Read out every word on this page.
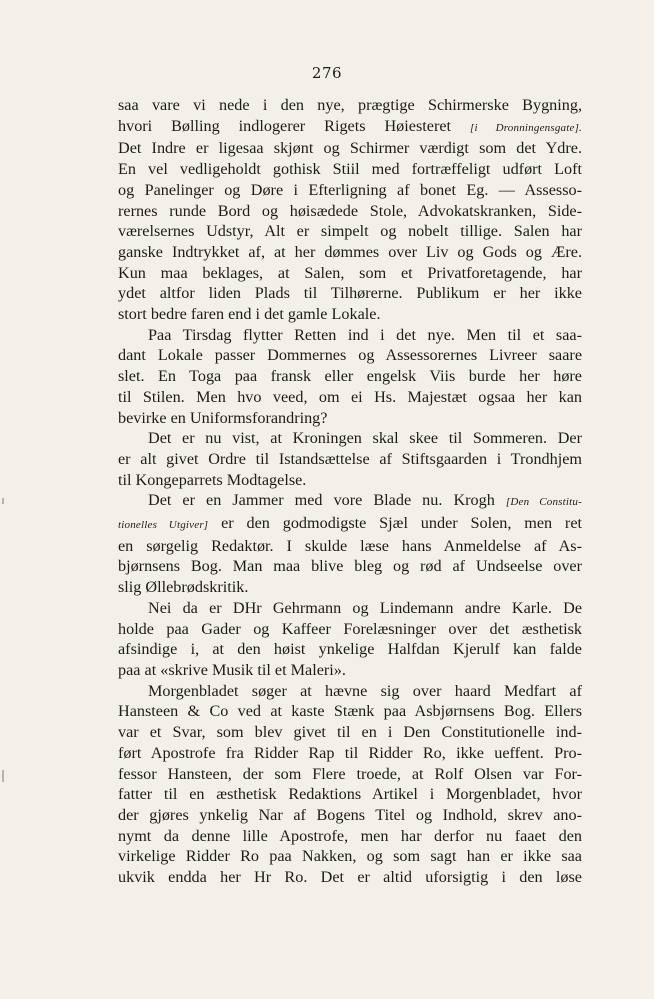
276
saa vare vi nede i den nye, prægtige Schirmerske Bygning,
hvori Bølling indlogerer Rigets Høiesteret [i Dronningensgate].
Det Indre er ligesaa skjønt og Schirmer værdigt som det Ydre.
En vel vedligeholdt gothisk Stiil med fortræffeligt udført Loft
og Panelinger og Døre i Efterligning af bonet Eg. — Assesso-
rernes runde Bord og høisædede Stole, Advokatskranken, Side-
værelsernes Udstyr, Alt er simpelt og nobelt tillige. Salen har
ganske Indtrykket af, at her dømmes over Liv og Gods og Ære.
Kun maa beklages, at Salen, som et Privatforetagende, har
ydet altfor liden Plads til Tilhørerne. Publikum er her ikke
stort bedre faren end i det gamle Lokale.
Paa Tirsdag flytter Retten ind i det nye. Men til et saa-
dant Lokale passer Dommernes og Assessorernes Livreer saare
slet. En Toga paa fransk eller engelsk Viis burde her høre
til Stilen. Men hvo veed, om ei Hs. Majestæt ogsaa her kan
bevirke en Uniformsforandring?
Det er nu vist, at Kroningen skal skee til Sommeren. Der
er alt givet Ordre til Istandsættelse af Stiftsgaarden i Trondhjem
til Kongeparrets Modtagelse.
Det er en Jammer med vore Blade nu. Krogh [Den Constitu-
tionelles Utgiver] er den godmodigste Sjæl under Solen, men ret
en sørgelig Redaktør. I skulde læse hans Anmeldelse af As-
bjørnsens Bog. Man maa blive bleg og rød af Undseelse over
slig Øllebrødskritik.
Nei da er DHr Gehrmann og Lindemann andre Karle. De
holde paa Gader og Kaffeer Forelæsninger over det æsthetisk
afsindige i, at den høist ynkelige Halfdan Kjerulf kan falde
paa at «skrive Musik til et Maleri».
Morgenbladet søger at hævne sig over haard Medfart af
Hansteen & Co ved at kaste Stænk paa Asbjørnsens Bog. Ellers
var et Svar, som blev givet til en i Den Constitutionelle ind-
ført Apostrofe fra Ridder Rap til Ridder Ro, ikke ueffent. Pro-
fessor Hansteen, der som Flere troede, at Rolf Olsen var For-
fatter til en æsthetisk Redaktions Artikel i Morgenbladet, hvor
der gjøres ynkelig Nar af Bogens Titel og Indhold, skrev ano-
nymt da denne lille Apostrofe, men har derfor nu faaet den
virkelige Ridder Ro paa Nakken, og som sagt han er ikke saa
ukvik endda her Hr Ro. Det er altid uforsigtig i den løse
